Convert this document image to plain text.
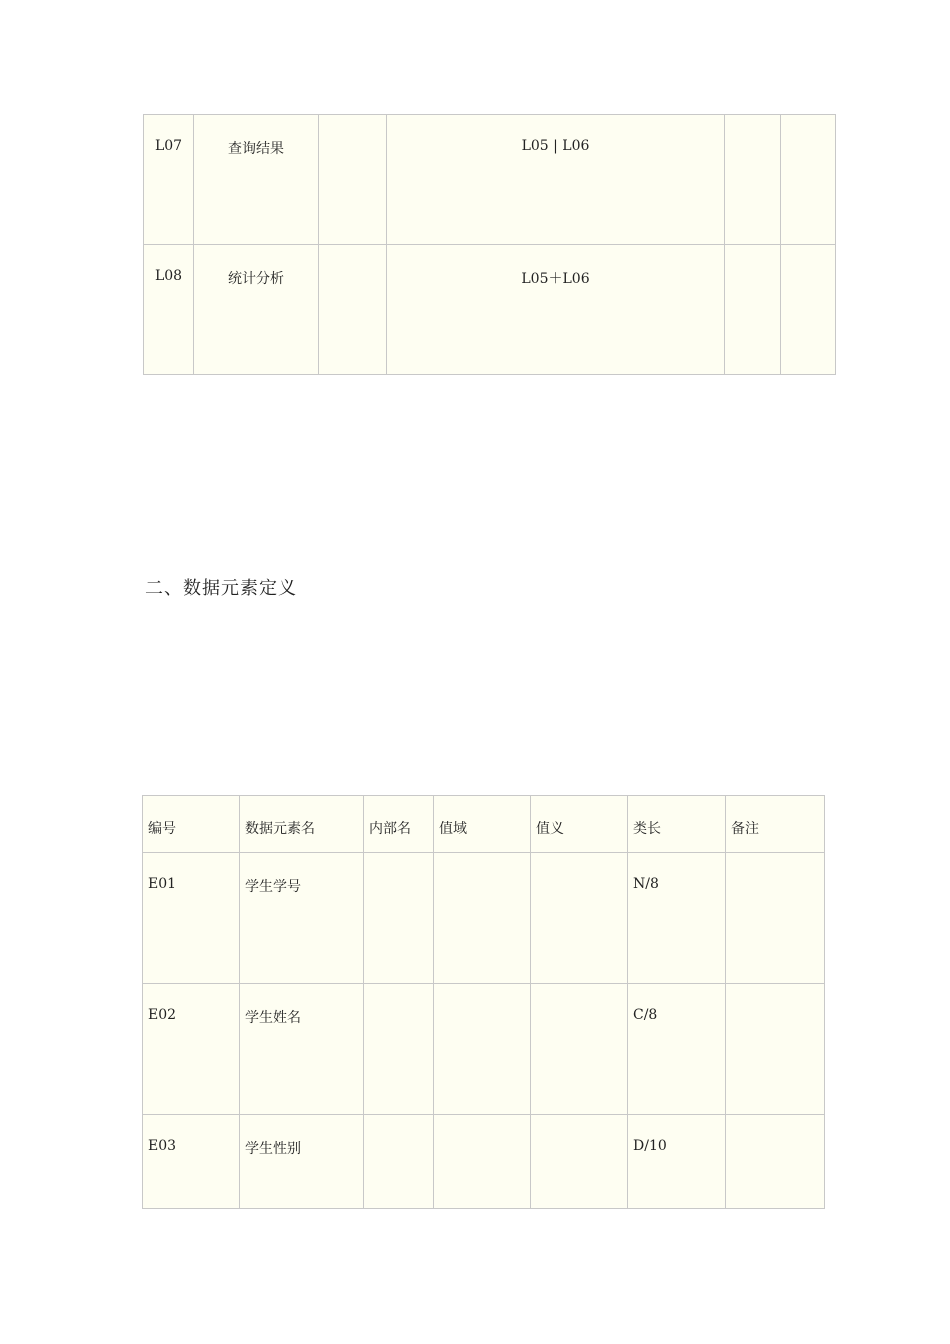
L07	查询结果		L05 | L06		
L08	统计分析		L05＋L06		
二、数据元素定义
编号	数据元素名	内部名	值域	值义	类长	备注
E01	学生学号				N/8	
E02	学生姓名				C/8	
E03	学生性别				D/10	
